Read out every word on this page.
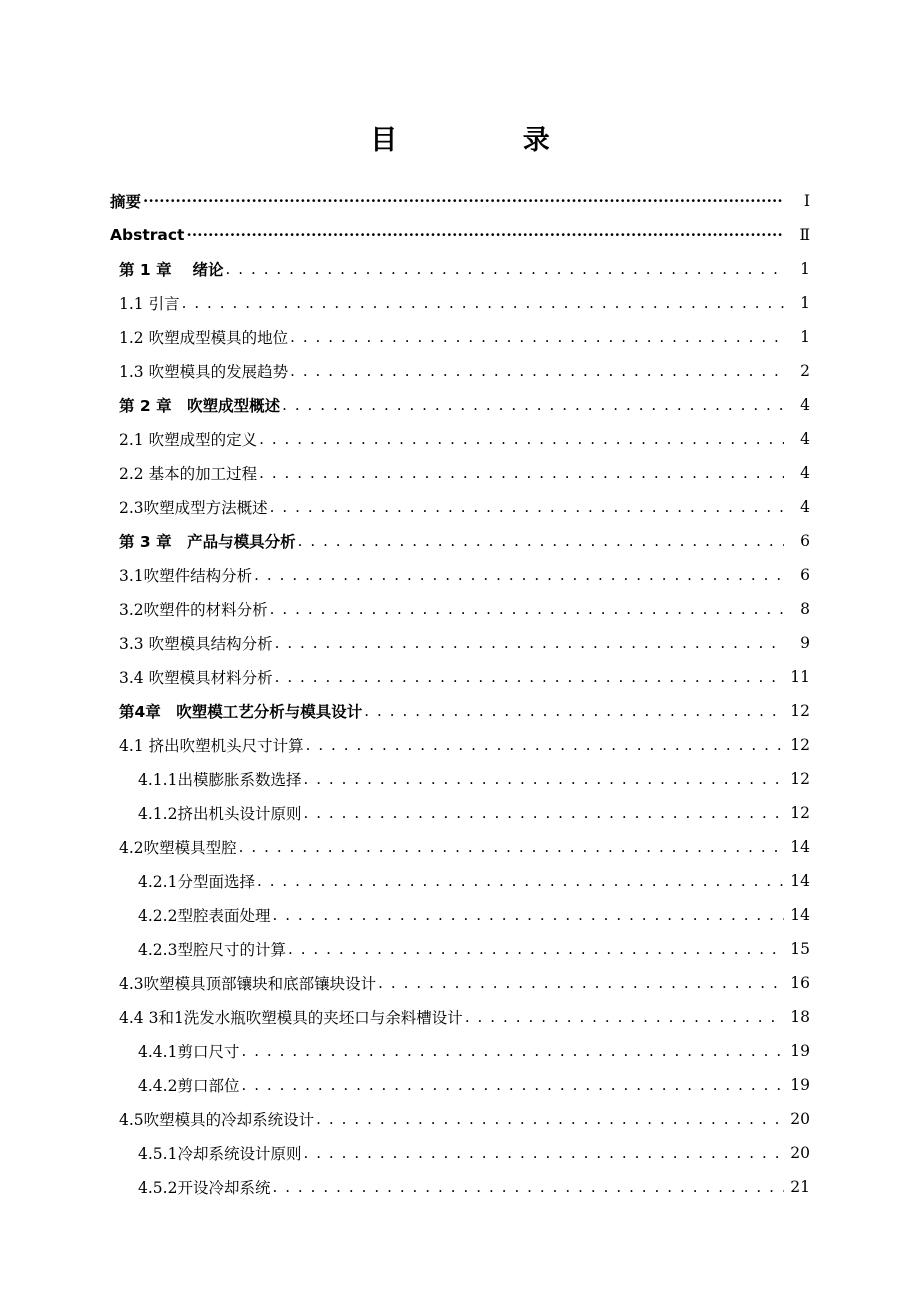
目 录
摘要 ·····	Ⅰ
Abstract ·····	Ⅱ
第 1 章　 绪论 . . .	1
1.1 引言 . . .	1
1.2 吹塑成型模具的地位 . . .	1
1.3 吹塑模具的发展趋势 . . .	2
第 2 章　吹塑成型概述 . . .	4
2.1 吹塑成型的定义 . . .	4
2.2 基本的加工过程 . . .	4
2.3吹塑成型方法概述 . . .	4
第 3 章　产品与模具分析 . . .	6
3.1吹塑件结构分析 . . .	6
3.2吹塑件的材料分析 . . .	8
3.3 吹塑模具结构分析 . . .	9
3.4 吹塑模具材料分析 . . .	11
第4章　吹塑模工艺分析与模具设计 . . .	12
4.1 挤出吹塑机头尺寸计算 . . .	12
4.1.1出模膨胀系数选择 . . .	12
4.1.2挤出机头设计原则 . . .	12
4.2吹塑模具型腔 . . .	14
4.2.1分型面选择 . . .	14
4.2.2型腔表面处理 . . .	14
4.2.3型腔尺寸的计算 . . .	15
4.3吹塑模具顶部镶块和底部镶块设计 . . .	16
4.4 3和1洗发水瓶吹塑模具的夹坯口与余料槽设计 . . .	18
4.4.1剪口尺寸 . . .	19
4.4.2剪口部位 . . .	19
4.5吹塑模具的冷却系统设计 . . .	20
4.5.1冷却系统设计原则 . . .	20
4.5.2开设冷却系统 . . .	21
